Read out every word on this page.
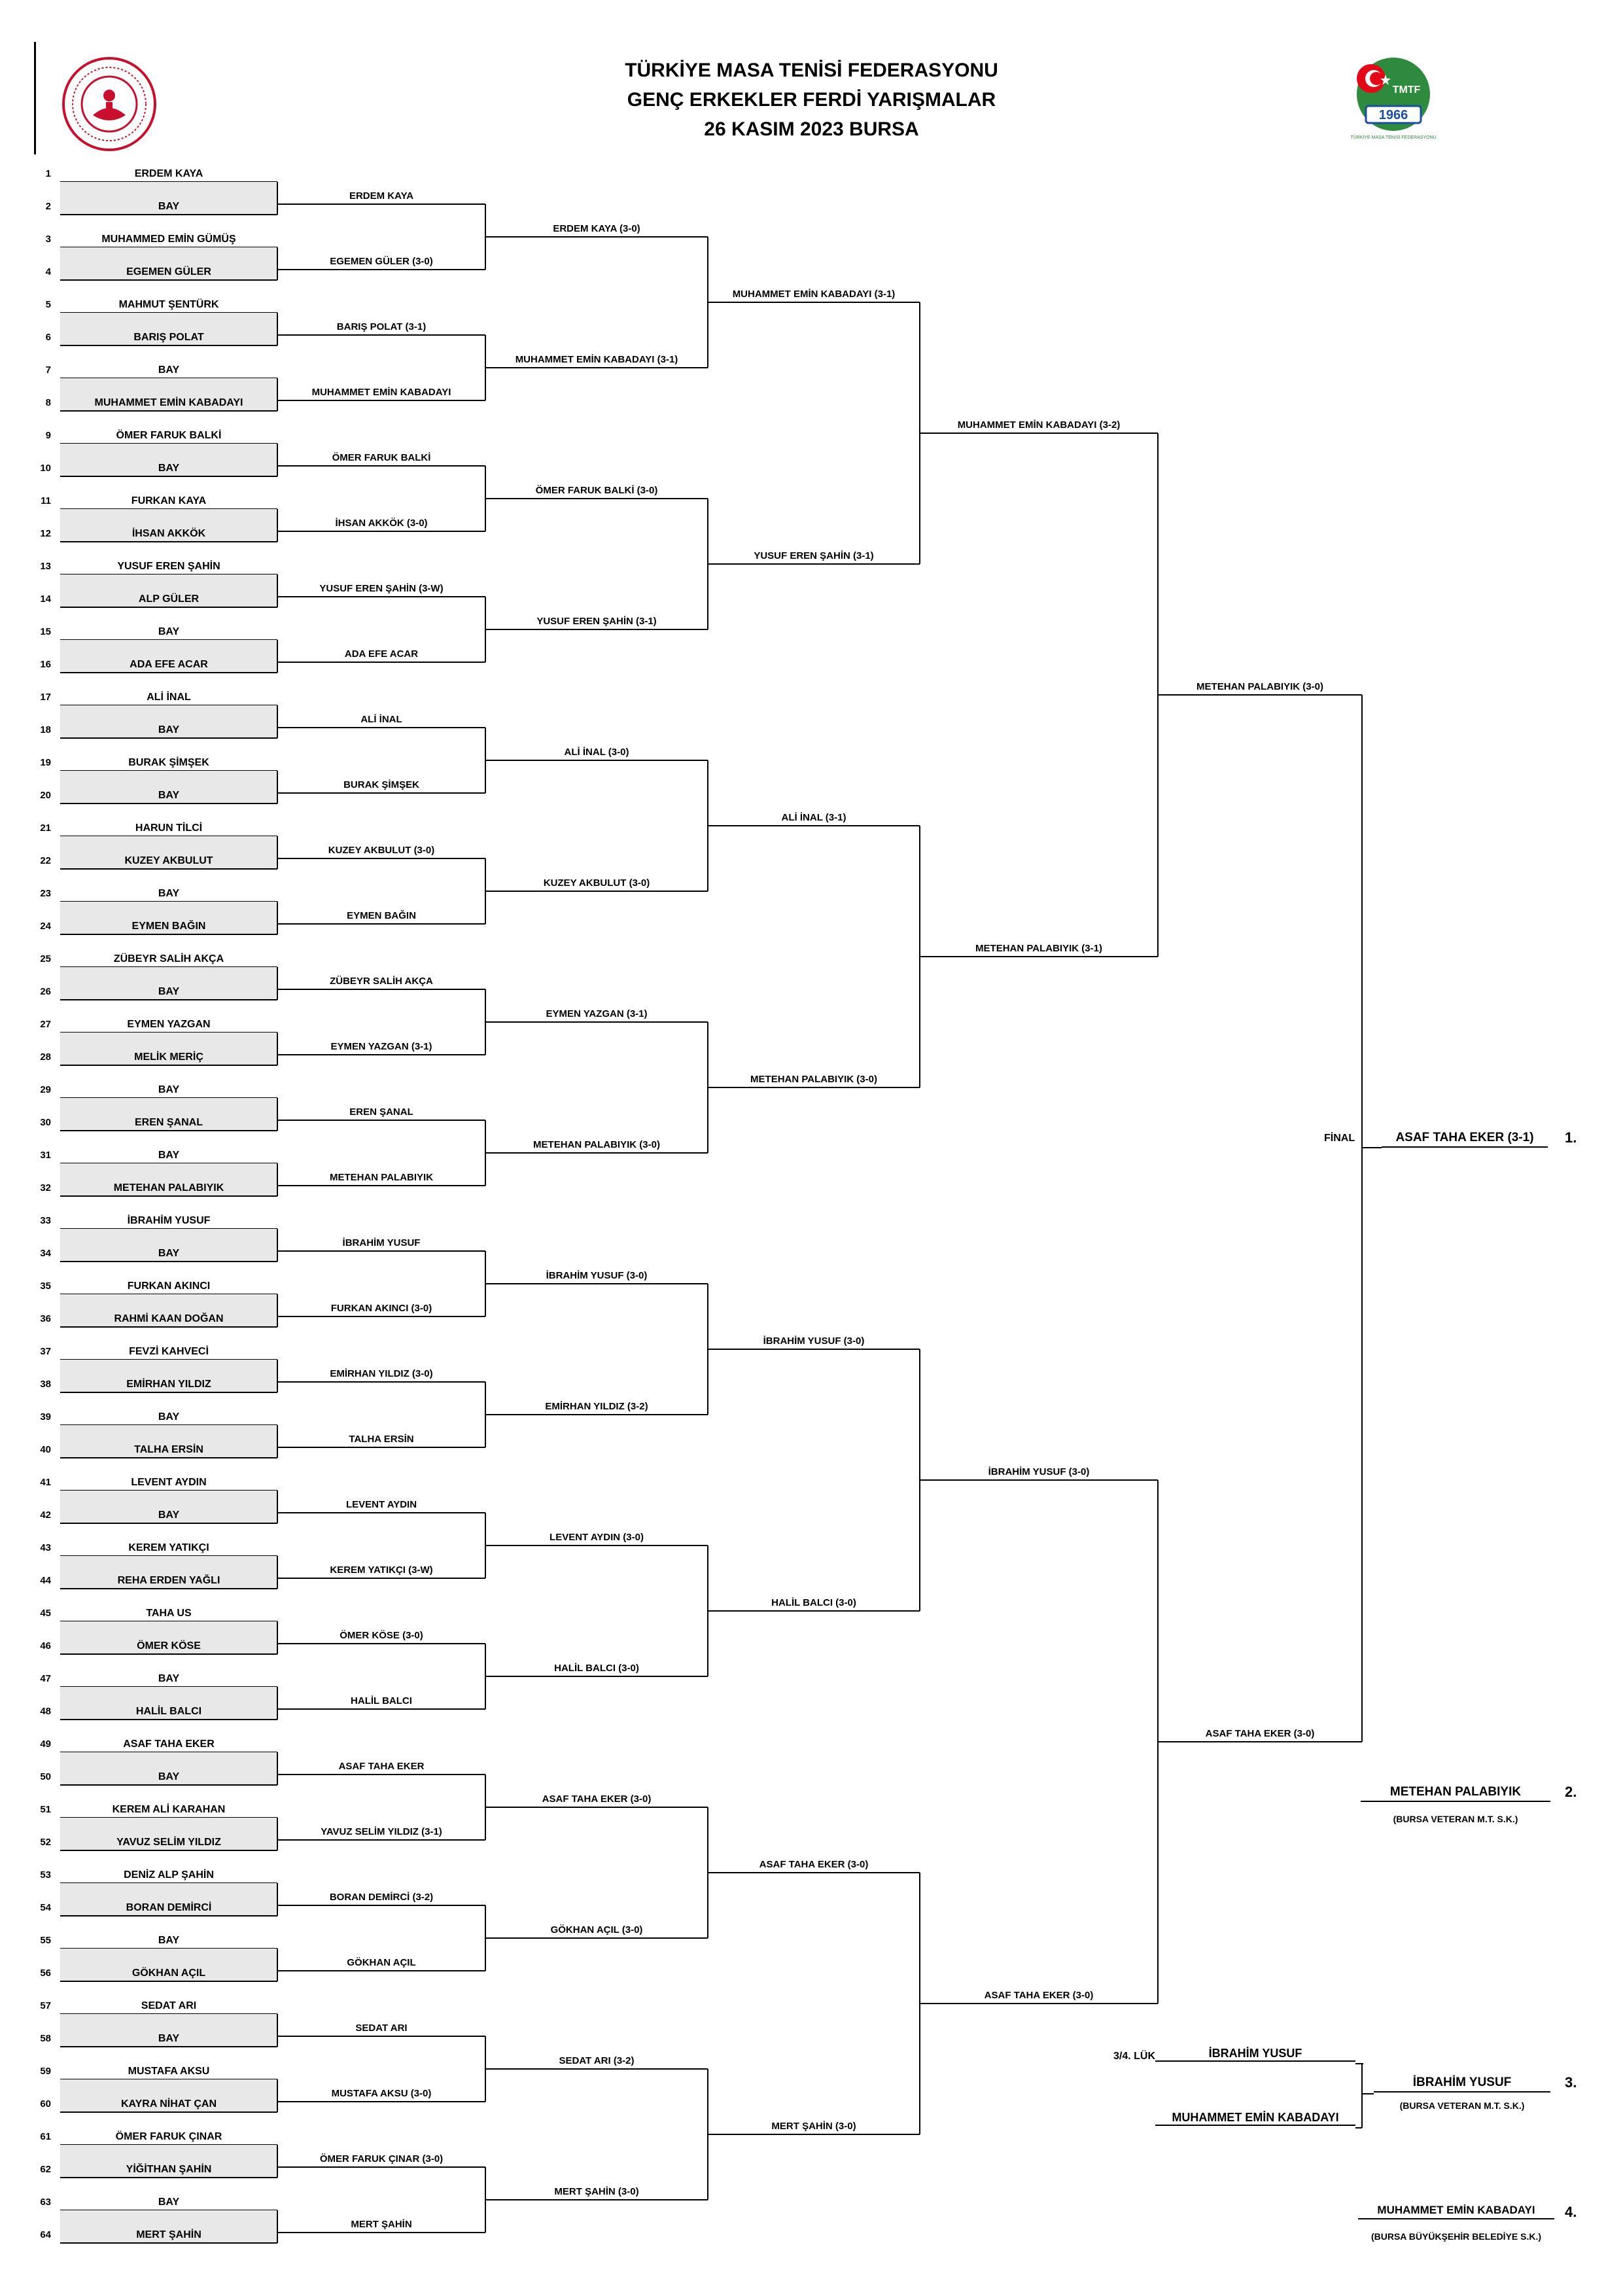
1966
TMTF
TÜRKİYE MASA TENİSİ FEDERASYONU
TÜRKİYE MASA TENİSİ FEDERASYONU
GENÇ ERKEKLER FERDİ YARIŞMALAR
26 KASIM 2023 BURSA
1	ERDEM KAYA
2	BAY
3	MUHAMMED EMİN GÜMÜŞ
4	EGEMEN GÜLER
5	MAHMUT ŞENTÜRK
6	BARIŞ POLAT
7	BAY
8	MUHAMMET EMİN KABADAYI
9	ÖMER FARUK BALKİ
10	BAY
11	FURKAN KAYA
12	İHSAN AKKÖK
13	YUSUF EREN ŞAHİN
14	ALP GÜLER
15	BAY
16	ADA EFE ACAR
17	ALİ İNAL
18	BAY
19	BURAK ŞİMŞEK
20	BAY
21	HARUN TİLCİ
22	KUZEY AKBULUT
23	BAY
24	EYMEN BAĞIN
25	ZÜBEYR SALİH AKÇA
26	BAY
27	EYMEN YAZGAN
28	MELİK MERİÇ
29	BAY
30	EREN ŞANAL
31	BAY
32	METEHAN PALABIYIK
33	İBRAHİM YUSUF
34	BAY
35	FURKAN AKINCI
36	RAHMİ KAAN DOĞAN
37	FEVZİ KAHVECİ
38	EMİRHAN YILDIZ
39	BAY
40	TALHA ERSİN
41	LEVENT AYDIN
42	BAY
43	KEREM YATIKÇI
44	REHA ERDEN YAĞLI
45	TAHA US
46	ÖMER KÖSE
47	BAY
48	HALİL BALCI
49	ASAF TAHA EKER
50	BAY
51	KEREM ALİ KARAHAN
52	YAVUZ SELİM YILDIZ
53	DENİZ ALP ŞAHİN
54	BORAN DEMİRCİ
55	BAY
56	GÖKHAN AÇIL
57	SEDAT ARI
58	BAY
59	MUSTAFA AKSU
60	KAYRA NİHAT ÇAN
61	ÖMER FARUK ÇINAR
62	YİĞİTHAN ŞAHİN
63	BAY
64	MERT ŞAHİN
ERDEM KAYA
EGEMEN GÜLER (3-0)
BARIŞ POLAT (3-1)
MUHAMMET EMİN KABADAYI
ÖMER FARUK BALKİ
İHSAN AKKÖK (3-0)
YUSUF EREN ŞAHİN (3-W)
ADA EFE ACAR
ALİ İNAL
BURAK ŞİMŞEK
KUZEY AKBULUT (3-0)
EYMEN BAĞIN
ZÜBEYR SALİH AKÇA
EYMEN YAZGAN (3-1)
EREN ŞANAL
METEHAN PALABIYIK
İBRAHİM YUSUF
FURKAN AKINCI (3-0)
EMİRHAN YILDIZ (3-0)
TALHA ERSİN
LEVENT AYDIN
KEREM YATIKÇI (3-W)
ÖMER KÖSE (3-0)
HALİL BALCI
ASAF TAHA EKER
YAVUZ SELİM YILDIZ (3-1)
BORAN DEMİRCİ (3-2)
GÖKHAN AÇIL
SEDAT ARI
MUSTAFA AKSU (3-0)
ÖMER FARUK ÇINAR (3-0)
MERT ŞAHİN
ERDEM KAYA (3-0)
MUHAMMET EMİN KABADAYI (3-1)
ÖMER FARUK BALKİ (3-0)
YUSUF EREN ŞAHİN (3-1)
ALİ İNAL (3-0)
KUZEY AKBULUT (3-0)
EYMEN YAZGAN (3-1)
METEHAN PALABIYIK (3-0)
İBRAHİM YUSUF (3-0)
EMİRHAN YILDIZ (3-2)
LEVENT AYDIN (3-0)
HALİL BALCI (3-0)
ASAF TAHA EKER (3-0)
GÖKHAN AÇIL (3-0)
SEDAT ARI (3-2)
MERT ŞAHİN (3-0)
MUHAMMET EMİN KABADAYI (3-1)
YUSUF EREN ŞAHİN (3-1)
ALİ İNAL (3-1)
METEHAN PALABIYIK (3-0)
İBRAHİM YUSUF (3-0)
HALİL BALCI (3-0)
ASAF TAHA EKER (3-0)
MERT ŞAHİN (3-0)
MUHAMMET EMİN KABADAYI (3-2)
METEHAN PALABIYIK (3-1)
İBRAHİM YUSUF (3-0)
ASAF TAHA EKER (3-0)
METEHAN PALABIYIK (3-0)
ASAF TAHA EKER (3-0)
FİNAL	ASAF TAHA EKER (3-1)	1.
METEHAN PALABIYIK
(BURSA VETERAN M.T. S.K.)
2.
3/4. LÜK	İBRAHİM YUSUF
MUHAMMET EMİN KABADAYI
İBRAHİM YUSUF
(BURSA VETERAN M.T. S.K.)
3.
MUHAMMET EMİN KABADAYI
(BURSA BÜYÜKŞEHİR BELEDİYE S.K.)
4.
